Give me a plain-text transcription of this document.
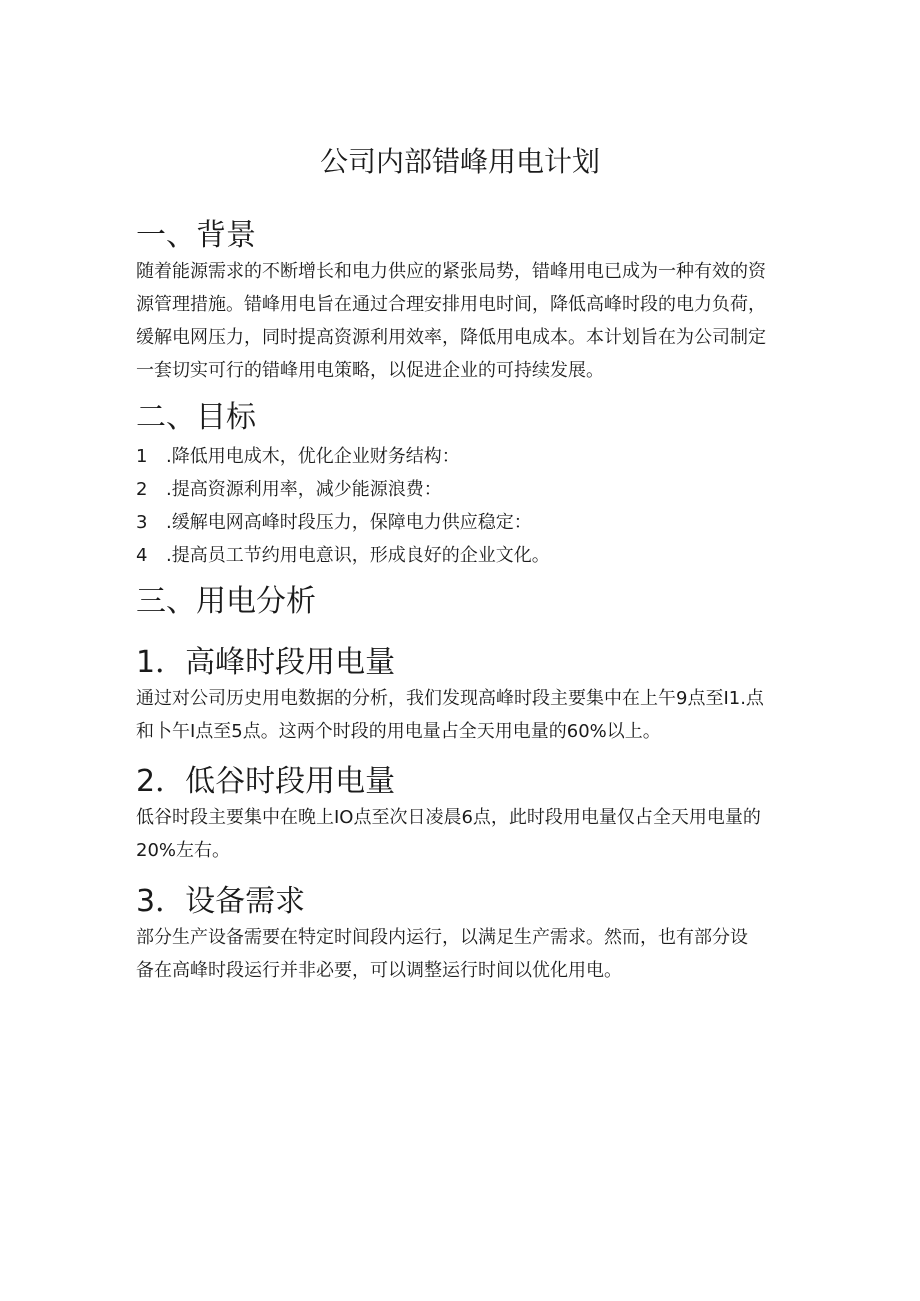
公司内部错峰用电计划
一、背景
随着能源需求的不断增长和电力供应的紧张局势，错峰用电已成为一种有效的资
源管理措施。错峰用电旨在通过合理安排用电时间，降低高峰时段的电力负荷，
缓解电网压力，同时提高资源利用效率，降低用电成本。本计划旨在为公司制定
一套切实可行的错峰用电策略，以促进企业的可持续发展。
二、目标
1 .降低用电成木，优化企业财务结构：
2 .提高资源利用率，减少能源浪费：
3 .缓解电网高峰时段压力，保障电力供应稳定：
4 .提高员工节约用电意识，形成良好的企业文化。
三、用电分析
1．高峰时段用电量
通过对公司历史用电数据的分析，我们发现高峰时段主要集中在上午9点至I1.点
和卜午I点至5点。这两个时段的用电量占全天用电量的60%以上。
2．低谷时段用电量
低谷时段主要集中在晚上IO点至次日凌晨6点，此时段用电量仅占全天用电量的
20%左右。
3．设备需求
部分生产设备需要在特定时间段内运行，以满足生产需求。然而，也有部分设
备在高峰时段运行并非必要，可以调整运行时间以优化用电。
